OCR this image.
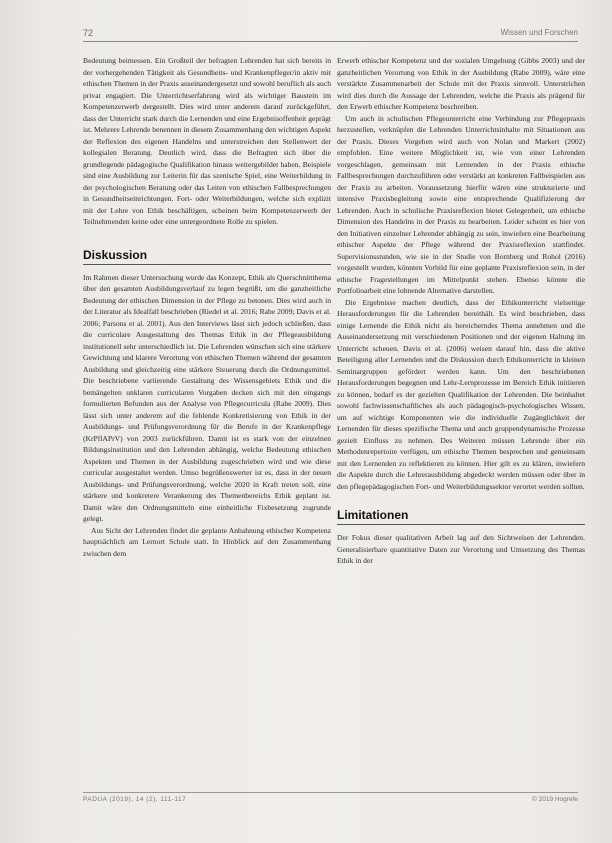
72	Wissen und Forschen

Bedeutung beimessen. Ein Großteil der befragten Lehrenden hat sich bereits in der vorhergehenden Tätigkeit als Gesundheits- und Krankenpfleger/in aktiv mit ethischen Themen in der Praxis auseinandergesetzt und sowohl beruflich als auch privat engagiert. Die Unterrichtserfahrung wird als wichtiger Baustein im Kompetenzerwerb dergestellt. Dies wird unter anderem darauf zurückgeführt, dass der Unterricht stark durch die Lernenden und eine Ergebnisoffenheit geprägt ist. Mehrere Lehrende benennen in diesem Zusammenhang den wichtigen Aspekt der Reflexion des eigenen Handelns und unterstreichen den Stellenwert der kollegialen Beratung. Deutlich wird, dass die Befragten sich über die grundlegende pädagogische Qualifikation hinaus weitergebildet haben. Beispiele sind eine Ausbildung zur Leiterin für das szenische Spiel, eine Weiterbildung in der psychologischen Beratung oder das Leiten von ethischen Fallbesprechungen in Gesundheitseinrichtungen. Fort- oder Weiterbildungen, welche sich explizit mit der Lehre von Ethik beschäftigen, scheinen beim Kompetenzerwerb der Teilnehmenden keine oder eine untergeordnete Rolle zu spielen.

Diskussion

Im Rahmen dieser Untersuchung wurde das Konzept, Ethik als Querschnittthema über den gesamten Ausbildungsverlauf zu legen begrüßt, um die ganzheitliche Bedeutung der ethischen Dimension in der Pflege zu betonen. Dies wird auch in der Literatur als Idealfall beschrieben (Riedel et al. 2016; Rabe 2009; Davis et al. 2006; Parsons et al. 2001). Aus den Interviews lässt sich jedoch schließen, dass die curriculare Ausgestaltung des Themas Ethik in der Pflegeausbildung institutionell sehr unterschiedlich ist. Die Lehrenden wünschen sich eine stärkere Gewichtung und klarere Verortung von ethischen Themen während der gesamten Ausbildung und gleichzeitig eine stärkere Steuerung durch die Ordnungsmittel. Die beschriebene variierende Gestaltung des Wissensgebiets Ethik und die bemängelten unklaren curricularen Vorgaben decken sich mit den eingangs formulierten Befunden aus der Analyse von Pflegecurricula (Rabe 2009). Dies lässt sich unter anderem auf die fehlende Konkretisierung von Ethik in der Ausbildungs- und Prüfungsverordnung für die Berufe in der Krankenpflege (KrPflAPrV) von 2003 zurückführen. Damit ist es stark von der einzelnen Bildungsinstitution und den Lehrenden abhängig, welche Bedeutung ethischen Aspekten und Themen in der Ausbildung zugeschrieben wird und wie diese curricular ausgestaltet werden. Umso begrüßenswerter ist es, dass in der neuen Ausbildungs- und Prüfungsverordnung, welche 2020 in Kraft treten soll, eine stärkere und konkretere Verankerung des Themenbereichs Ethik geplant ist. Damit wäre den Ordnungsmitteln eine einheitliche Fixbesetzung zugrunde gelegt.

Aus Sicht der Lehrenden findet die geplante Anbahnung ethischer Kompetenz hauptsächlich am Lernort Schule statt. In Hinblick auf den Zusammenhang zwischen dem

Erwerb ethischer Kompetenz und der sozialen Umgebung (Gibbs 2003) und der ganzheitlichen Verortung von Ethik in der Ausbildung (Rabe 2009), wäre eine verstärkte Zusammenarbeit der Schule mit der Praxis sinnvoll. Unterstrichen wird dies durch die Aussage der Lehrenden, welche die Praxis als prägend für den Erwerb ethischer Kompetenz beschreiben.

Um auch in schulischen Pflegeunterricht eine Verbindung zur Pflegepraxis herzustellen, verknüpfen die Lehrenden Unterrichtsinhalte mit Situationen aus der Praxis. Dieses Vorgehen wird auch von Nolan und Markert (2002) empfohlen. Eine weitere Möglichkeit ist, wie von einer Lehrenden vorgeschlagen, gemeinsam mit Lernenden in der Praxis ethische Fallbesprechungen durchzuführen oder verstärkt an konkreten Fallbeispielen aus der Praxis zu arbeiten. Voraussetzung hierfür wären eine strukturierte und intensive Praxisbegleitung sowie eine entsprechende Qualifizierung der Lehrenden. Auch in schulische Praxisreflexion bietet Gelegenheit, um ethische Dimension des Handelns in der Praxis zu bearbeiten. Leider scheint es hier von den Initiativen einzelner Lehrender abhängig zu sein, inwiefern eine Bearbeitung ethischer Aspekte der Pflege während der Praxisreflexion stattfindet. Supervisionsstunden, wie sie in der Studie von Bornberg und Rohol (2016) vorgestellt wurden, könnten Vorbild für eine geplante Praxisreflexion sein, in der ethische Fragestellungen im Mittelpunkt stehen. Ebenso könnte die Portfolioarbeit eine lohnende Alternative darstellen.

Die Ergebnisse machen deutlich, dass der Ethikunterricht vielseitige Herausforderungen für die Lehrenden bereithält. Es wird beschrieben, dass einige Lernende die Ethik nicht als bereicherndes Thema annehmen und die Auseinandersetzung mit verschiedenen Positionen und der eigenen Haltung im Unterricht scheuen. Davis et al. (2006) weisen darauf hin, dass die aktive Beteiligung aller Lernenden und die Diskussion durch Ethikunterricht in kleinen Seminargruppen gefördert werden kann. Um den beschriebenen Herausforderungen begegnen und Lehr-Lernprozesse im Bereich Ethik initiieren zu können, bedarf es der gezielten Qualifikation der Lehrenden. Die beinhaltet sowohl fachwissenschaftliches als auch pädagogisch-psychologisches Wissen, um auf wichtige Komponenten wie die individuelle Zugänglichkeit der Lernenden für dieses spezifische Thema und auch gruppendynamische Prozesse gezielt Einfluss zu nehmen. Des Weiteren müssen Lehrende über ein Methodenrepertoire verfügen, um ethische Themen besprechen und gemeinsam mit den Lernenden zu reflektieren zu können. Hier gilt es zu klären, inwiefern die Aspekte durch die Lehrerausbildung abgedeckt werden müssen oder über in den pflegepädagogischen Fort- und Weiterbildungssektor verortet werden sollten.

Limitationen

Der Fokus dieser qualitativen Arbeit lag auf den Sichtweisen der Lehrenden. Generalisierbare quantitative Daten zur Verortung und Umsetzung des Themas Ethik in der

PADUA (2019), 14 (2), 111-117	© 2019 Hogrefe
